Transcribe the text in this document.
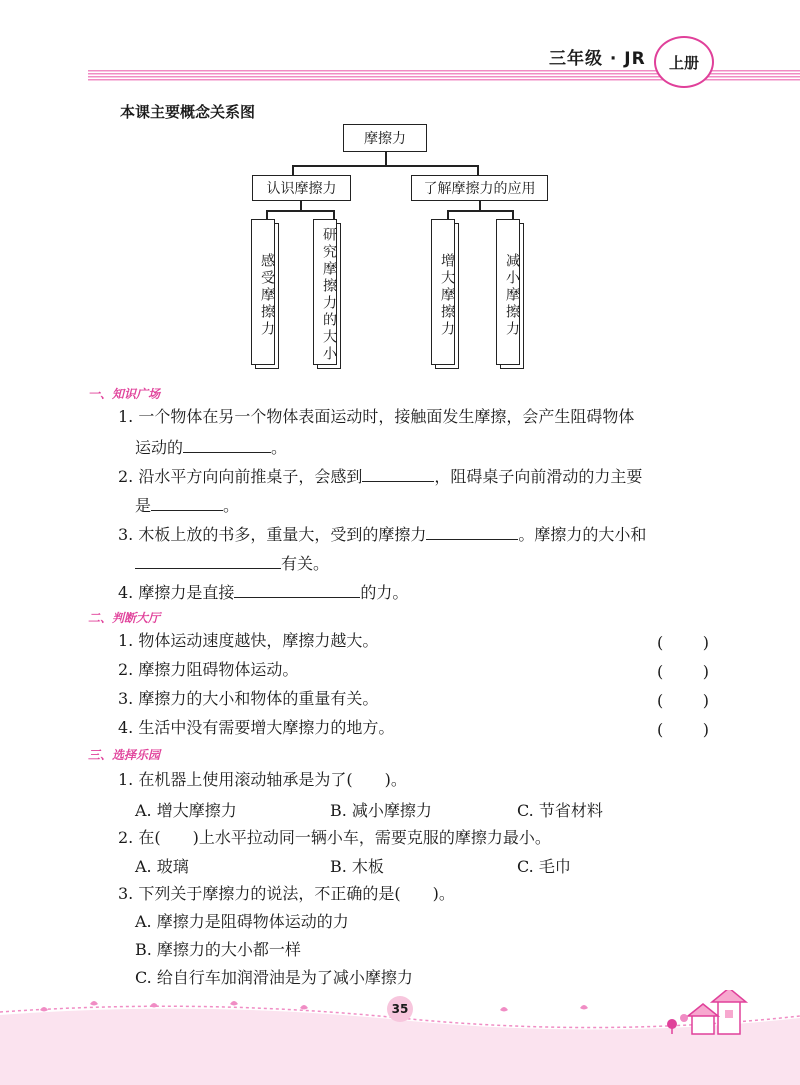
三年级 · JR	上册
本课主要概念关系图
摩擦力
认识摩擦力	了解摩擦力的应用
感受摩擦力	研究摩擦力的大小	增大摩擦力	减小摩擦力
一、知识广场
1. 一个物体在另一个物体表面运动时，接触面发生摩擦，会产生阻碍物体
运动的	。
2. 沿水平方向向前推桌子，会感到	，阻碍桌子向前滑动的力主要
是	。
3. 木板上放的书多，重量大，受到的摩擦力	。摩擦力的大小和
有关。
4. 摩擦力是直接	的力。
二、判断大厅
1. 物体运动速度越快，摩擦力越大。	( )
2. 摩擦力阻碍物体运动。	( )
3. 摩擦力的大小和物体的重量有关。	( )
4. 生活中没有需要增大摩擦力的地方。	( )
三、选择乐园
1. 在机器上使用滚动轴承是为了(　　)。
A. 增大摩擦力	B. 减小摩擦力	C. 节省材料
2. 在(　　)上水平拉动同一辆小车，需要克服的摩擦力最小。
A. 玻璃	B. 木板	C. 毛巾
3. 下列关于摩擦力的说法，不正确的是(　　)。
A. 摩擦力是阻碍物体运动的力
B. 摩擦力的大小都一样
C. 给自行车加润滑油是为了减小摩擦力
35
